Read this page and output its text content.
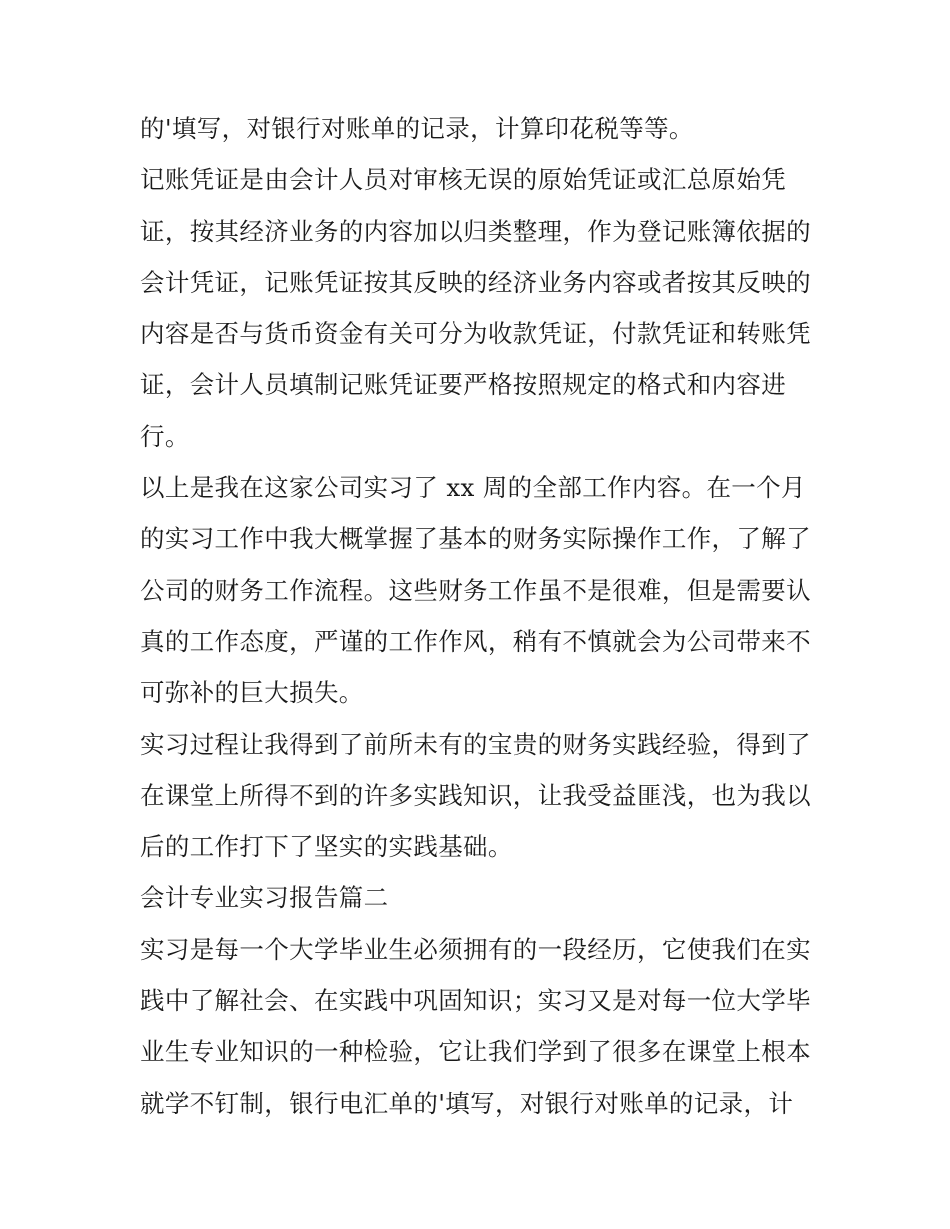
的'填写，对银行对账单的记录，计算印花税等等。
记账凭证是由会计人员对审核无误的原始凭证或汇总原始凭
证，按其经济业务的内容加以归类整理，作为登记账簿依据的
会计凭证，记账凭证按其反映的经济业务内容或者按其反映的
内容是否与货币资金有关可分为收款凭证，付款凭证和转账凭
证，会计人员填制记账凭证要严格按照规定的格式和内容进
行。
以上是我在这家公司实习了 xx 周的全部工作内容。在一个月
的实习工作中我大概掌握了基本的财务实际操作工作，了解了
公司的财务工作流程。这些财务工作虽不是很难，但是需要认
真的工作态度，严谨的工作作风，稍有不慎就会为公司带来不
可弥补的巨大损失。
实习过程让我得到了前所未有的宝贵的财务实践经验，得到了
在课堂上所得不到的许多实践知识，让我受益匪浅，也为我以
后的工作打下了坚实的实践基础。
会计专业实习报告篇二
实习是每一个大学毕业生必须拥有的一段经历，它使我们在实
践中了解社会、在实践中巩固知识；实习又是对每一位大学毕
业生专业知识的一种检验，它让我们学到了很多在课堂上根本
就学不钉制，银行电汇单的'填写，对银行对账单的记录，计
